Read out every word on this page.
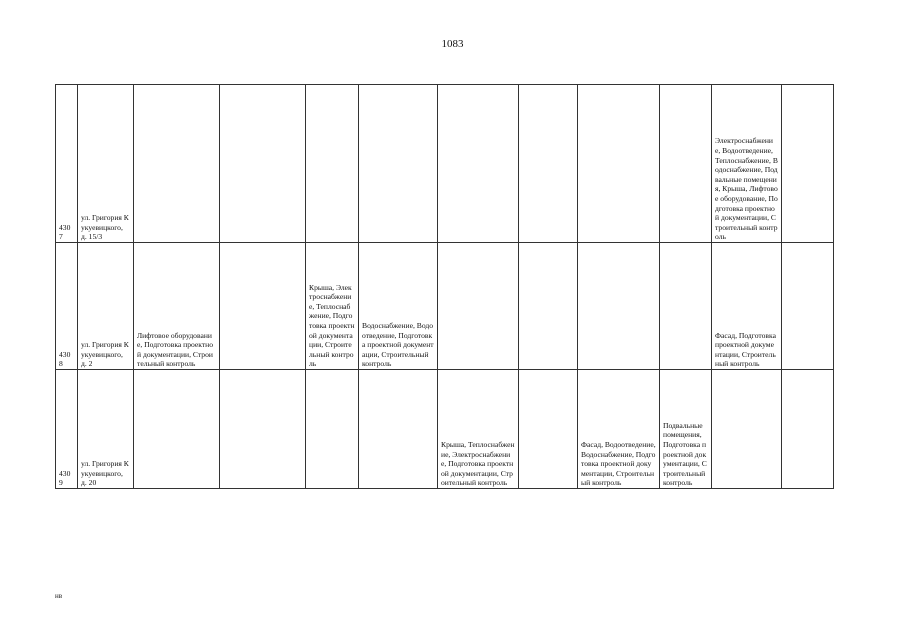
1083
4307	ул. Григория Кукуевицкого, д. 15/3									Электроснабжение, Водоотведение, Теплоснабжение, Водоснабжение, Подвальные помещения, Крыша, Лифтовое оборудование, Подготовка проектной документации, Строительный контроль	
4308	ул. Григория Кукуевицкого, д. 2	Лифтовое оборудование, Подготовка проектной документации, Строительный контроль		Крыша, Электроснабжение, Теплоснабжение, Подготовка проектной документации, Строительный контроль	Водоснабжение, Водоотведение, Подготовка проектной документации, Строительный контроль					Фасад, Подготовка проектной документации, Строительный контроль	
4309	ул. Григория Кукуевицкого, д. 20					Крыша, Теплоснабжение, Электроснабжение, Подготовка проектной документации, Строительный контроль		Фасад, Водоотведение, Водоснабжение, Подготовка проектной документации, Строительный контроль	Подвальные помещения, Подготовка проектной документации, Строительный контроль		
нв
